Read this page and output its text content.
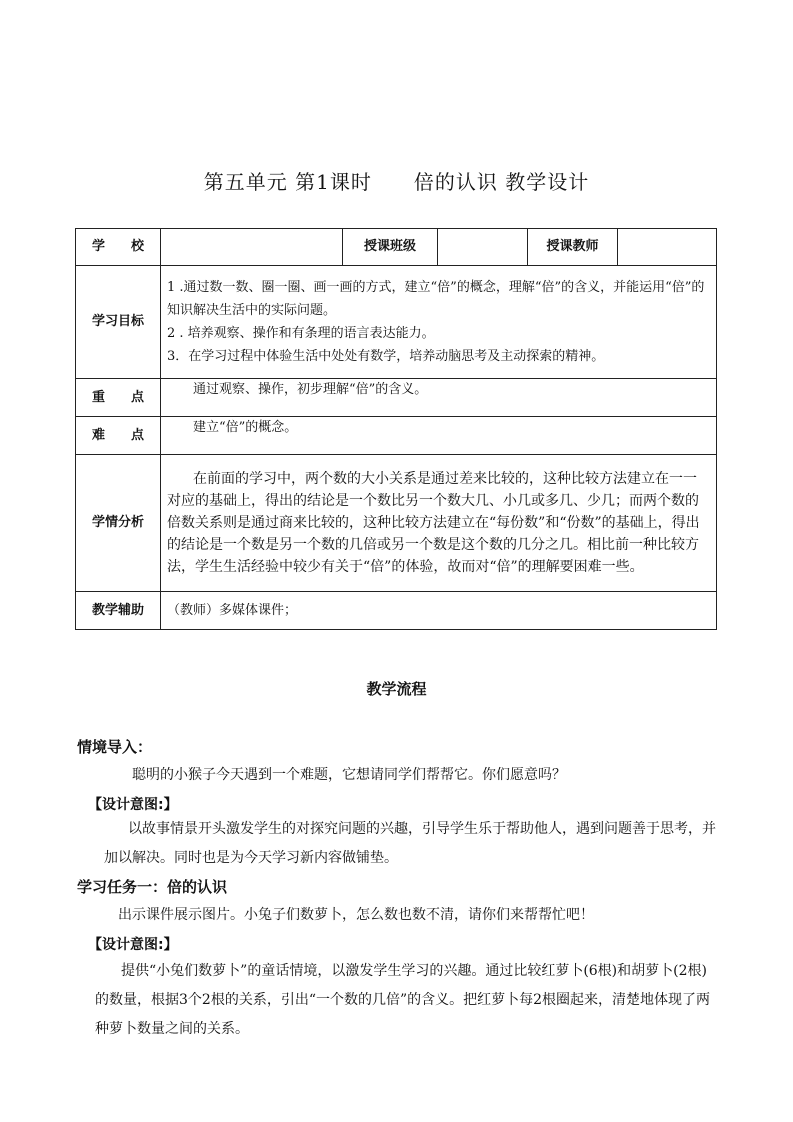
第五单元 第1课时　　倍的认识 教学设计
学　　校		授课班级		授课教师	
学习目标	1 .通过数一数、圈一圈、画一画的方式，建立“倍”的概念，理解“倍”的含义，并能运用“倍”的知识解决生活中的实际问题。
2 . 培养观察、操作和有条理的语言表达能力。
3．在学习过程中体验生活中处处有数学，培养动脑思考及主动探索的精神。				

重　　点	通过观察、操作，初步理解“倍”的含义。				
难　　点	建立“倍”的概念。				
学情分析	在前面的学习中，两个数的大小关系是通过差来比较的，这种比较方法建立在一一对应的基础上，得出的结论是一个数比另一个数大几、小几或多几、少几；而两个数的倍数关系则是通过商来比较的，这种比较方法建立在“每份数”和“份数”的基础上，得出的结论是一个数是另一个数的几倍或另一个数是这个数的几分之几。相比前一种比较方法，学生生活经验中较少有关于“倍”的体验，故而对“倍”的理解要困难一些。				
教学辅助	（教师）多媒体课件；				
教学流程
情境导入：
聪明的小猴子今天遇到一个难题，它想请同学们帮帮它。你们愿意吗？
【设计意图:】
以故事情景开头激发学生的对探究问题的兴趣，引导学生乐于帮助他人，遇到问题善于思考，并加以解决。同时也是为今天学习新内容做铺垫。
学习任务一：倍的认识
出示课件展示图片。小兔子们数萝卜，怎么数也数不清，请你们来帮帮忙吧！
【设计意图:】
提供“小兔们数萝卜”的童话情境，以激发学生学习的兴趣。通过比较红萝卜(6根)和胡萝卜(2根)的数量，根据3个2根的关系，引出“一个数的几倍”的含义。把红萝卜每2根圈起来，清楚地体现了两种萝卜数量之间的关系。
